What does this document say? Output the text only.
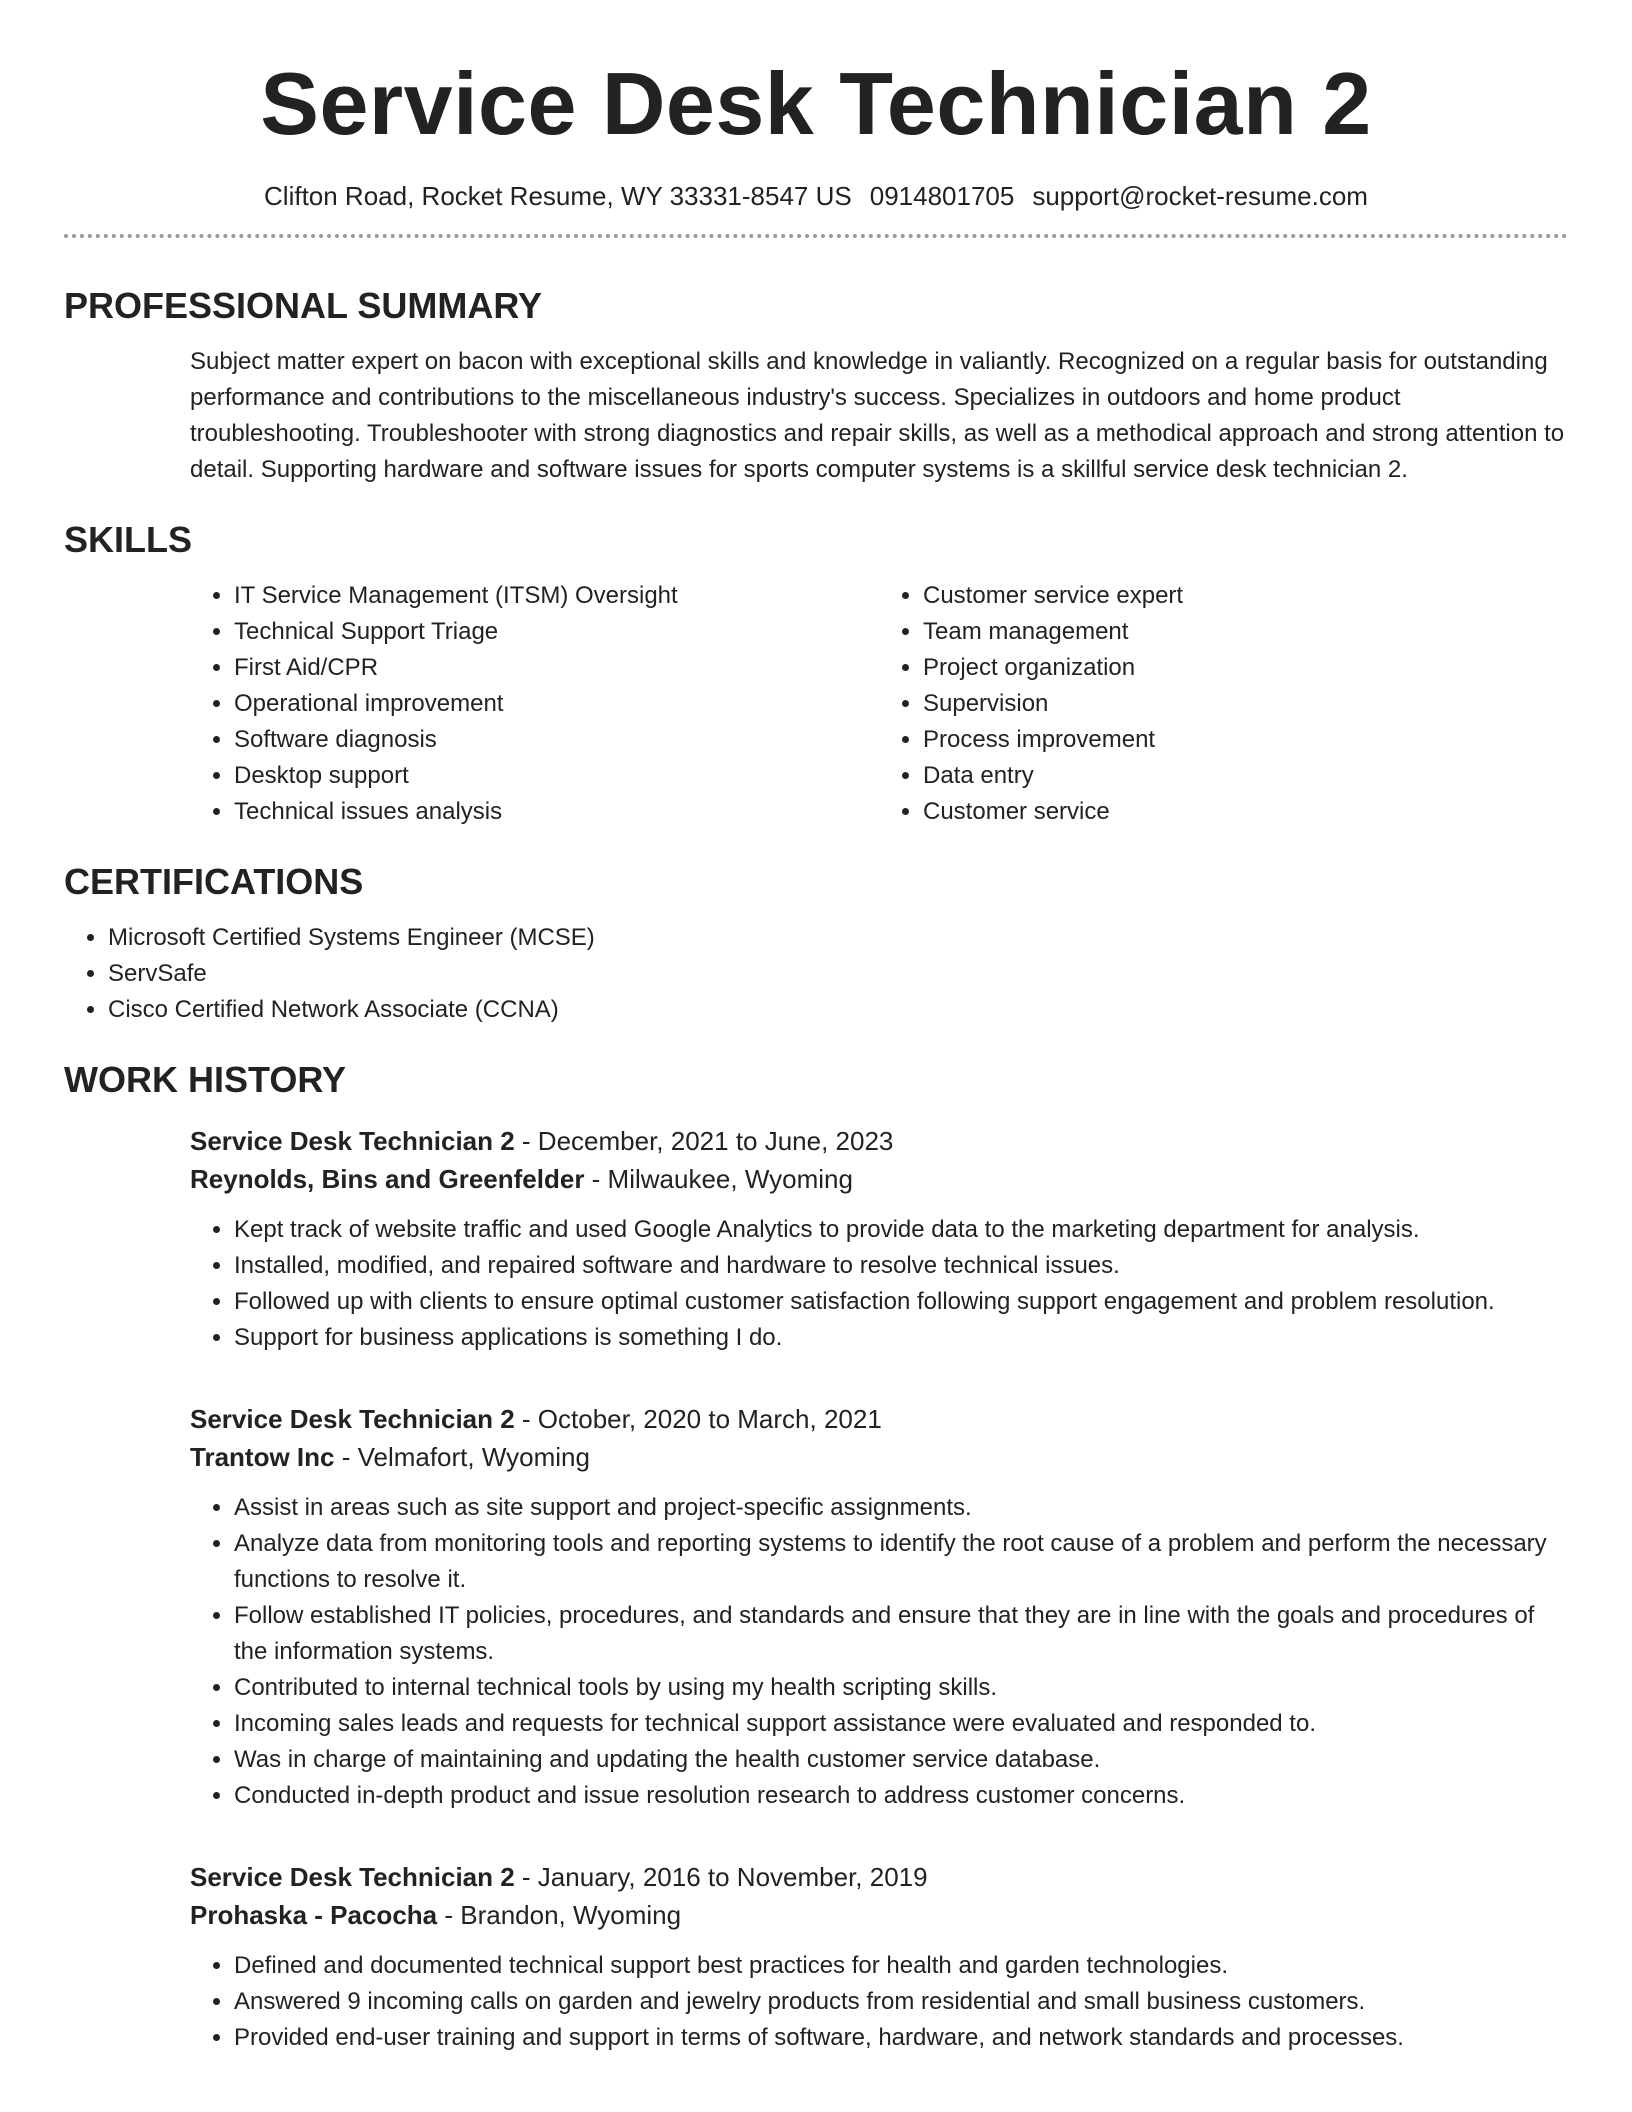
Service Desk Technician 2
Clifton Road, Rocket Resume, WY 33331-8547 US 0914801705 support@rocket-resume.com
PROFESSIONAL SUMMARY
Subject matter expert on bacon with exceptional skills and knowledge in valiantly. Recognized on a regular basis for outstanding performance and contributions to the miscellaneous industry's success. Specializes in outdoors and home product troubleshooting. Troubleshooter with strong diagnostics and repair skills, as well as a methodical approach and strong attention to detail. Supporting hardware and software issues for sports computer systems is a skillful service desk technician 2.
SKILLS
• IT Service Management (ITSM) Oversight
• Technical Support Triage
• First Aid/CPR
• Operational improvement
• Software diagnosis
• Desktop support
• Technical issues analysis
• Customer service expert
• Team management
• Project organization
• Supervision
• Process improvement
• Data entry
• Customer service
CERTIFICATIONS
• Microsoft Certified Systems Engineer (MCSE)
• ServSafe
• Cisco Certified Network Associate (CCNA)
WORK HISTORY
Service Desk Technician 2 - December, 2021 to June, 2023
Reynolds, Bins and Greenfelder - Milwaukee, Wyoming
• Kept track of website traffic and used Google Analytics to provide data to the marketing department for analysis.
• Installed, modified, and repaired software and hardware to resolve technical issues.
• Followed up with clients to ensure optimal customer satisfaction following support engagement and problem resolution.
• Support for business applications is something I do.
Service Desk Technician 2 - October, 2020 to March, 2021
Trantow Inc - Velmafort, Wyoming
• Assist in areas such as site support and project-specific assignments.
• Analyze data from monitoring tools and reporting systems to identify the root cause of a problem and perform the necessary functions to resolve it.
• Follow established IT policies, procedures, and standards and ensure that they are in line with the goals and procedures of the information systems.
• Contributed to internal technical tools by using my health scripting skills.
• Incoming sales leads and requests for technical support assistance were evaluated and responded to.
• Was in charge of maintaining and updating the health customer service database.
• Conducted in-depth product and issue resolution research to address customer concerns.
Service Desk Technician 2 - January, 2016 to November, 2019
Prohaska - Pacocha - Brandon, Wyoming
• Defined and documented technical support best practices for health and garden technologies.
• Answered 9 incoming calls on garden and jewelry products from residential and small business customers.
• Provided end-user training and support in terms of software, hardware, and network standards and processes.
